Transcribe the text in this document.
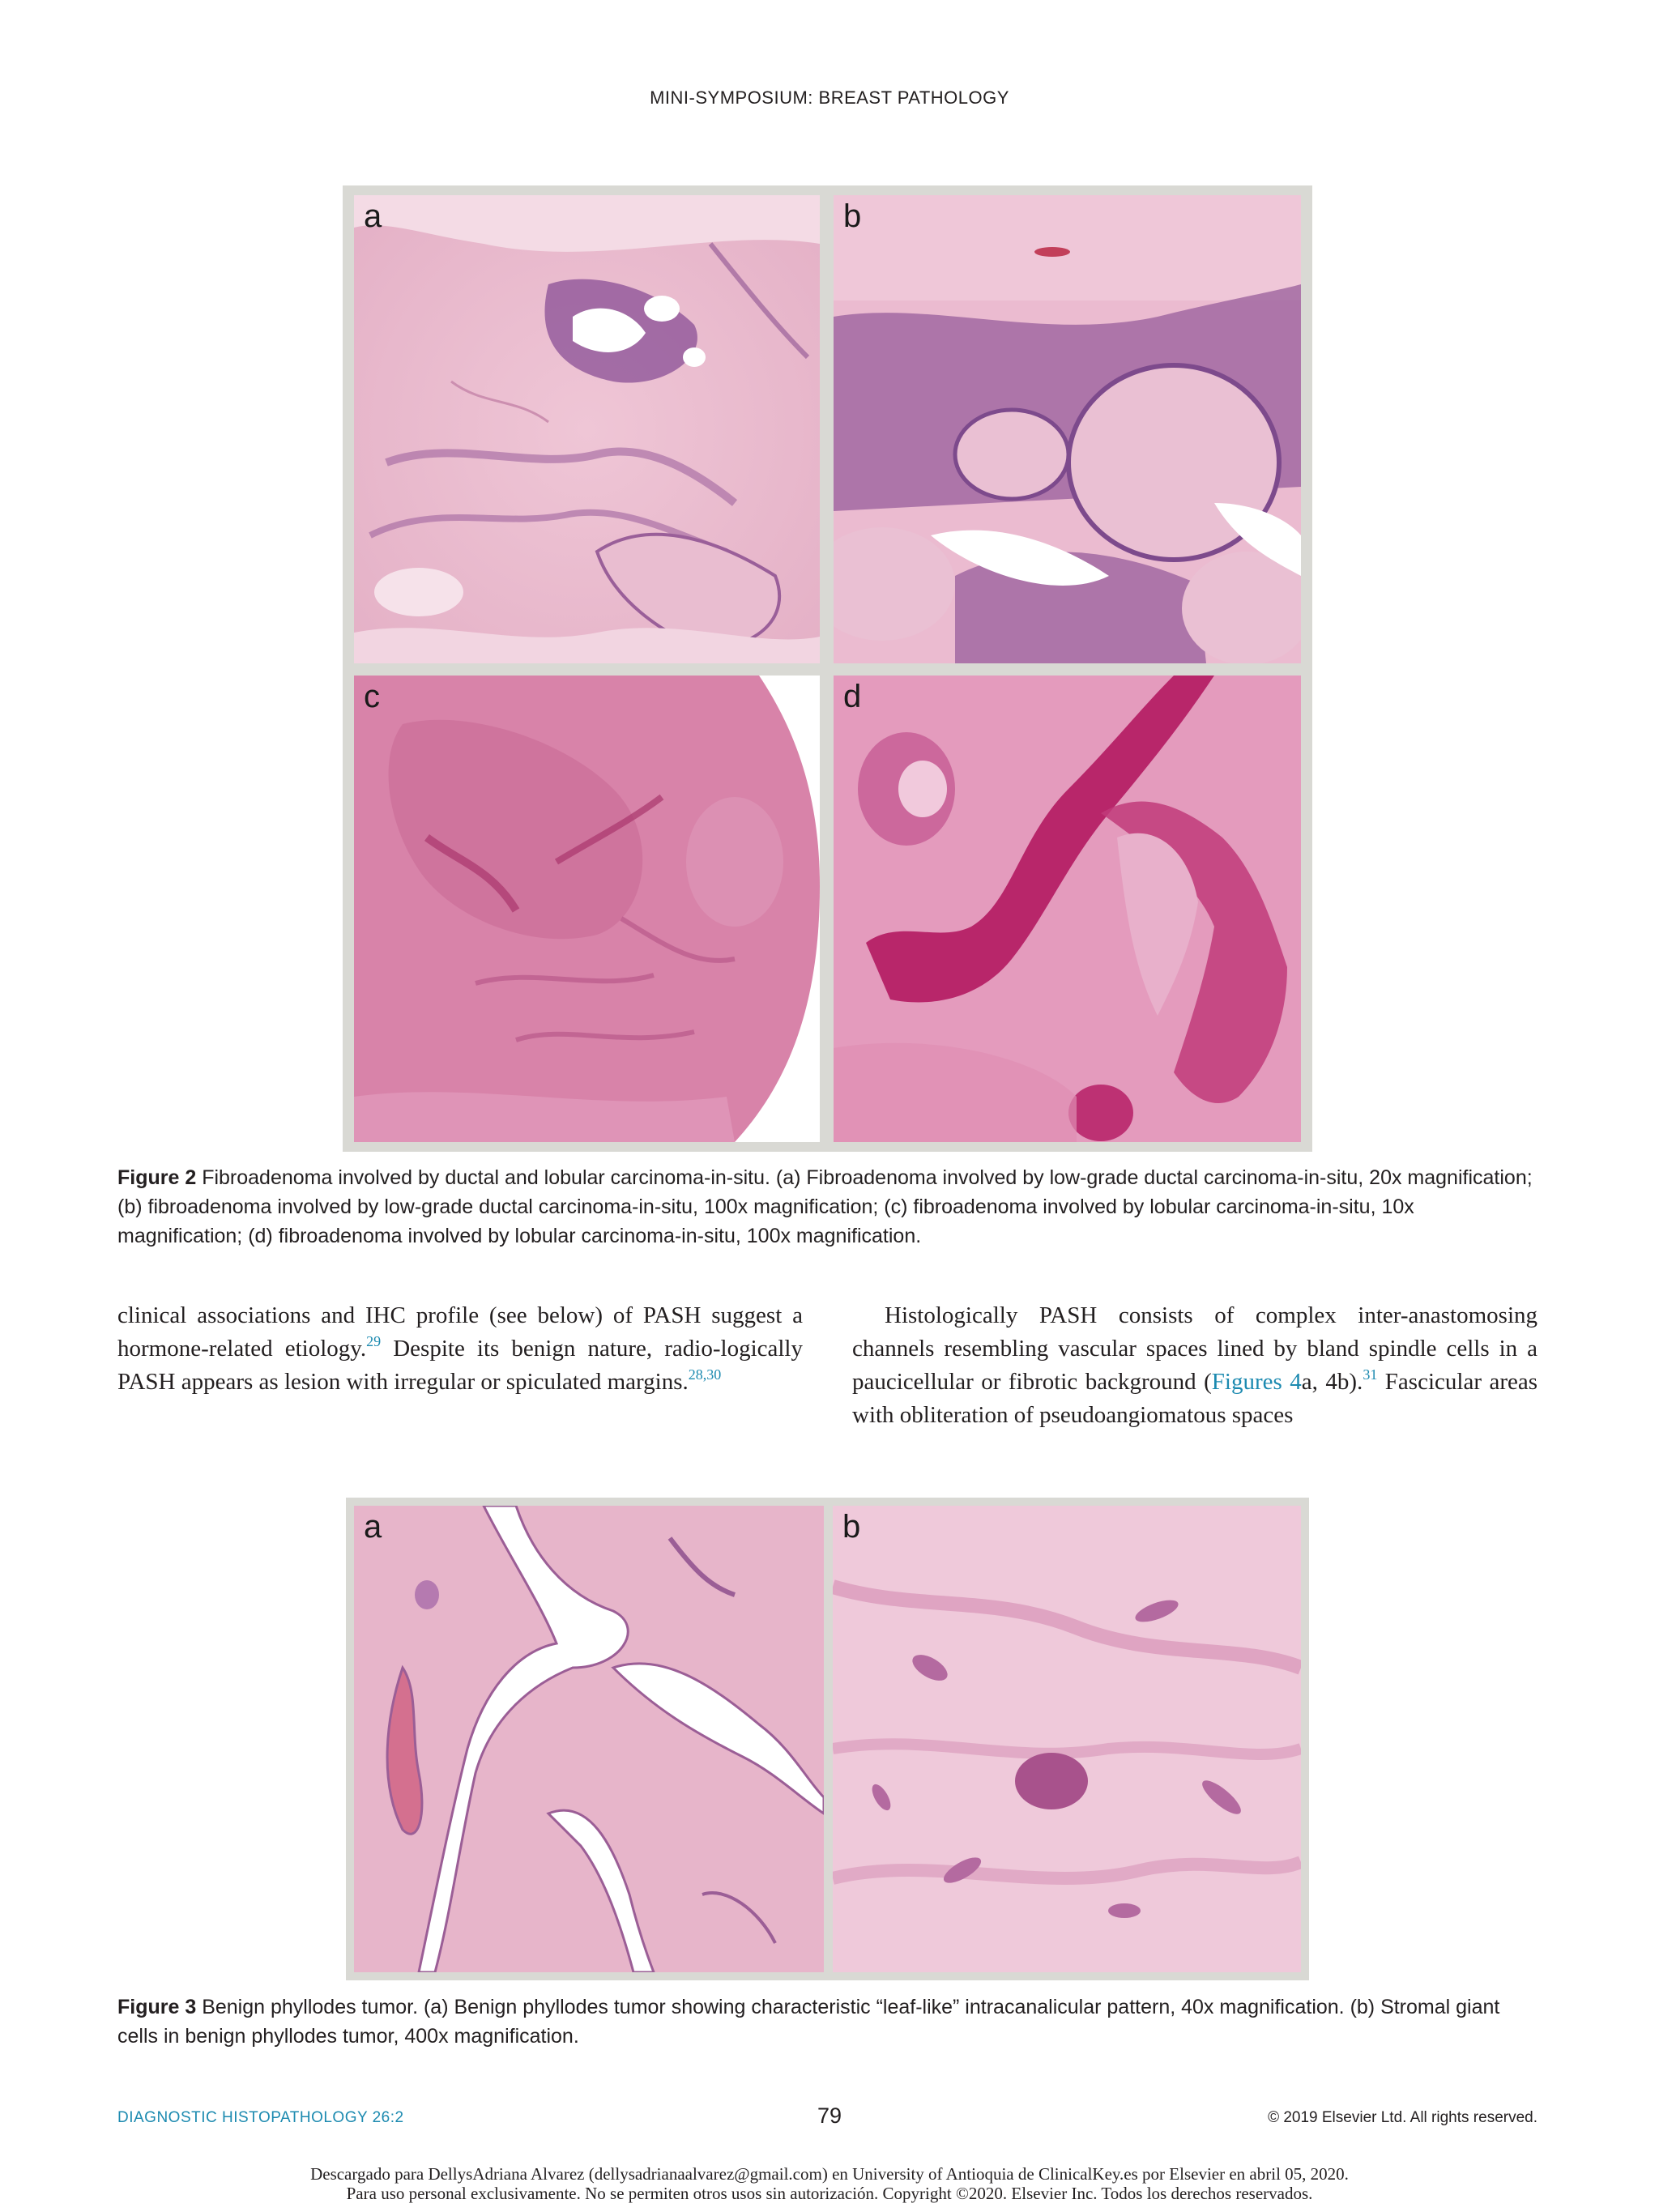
MINI-SYMPOSIUM: BREAST PATHOLOGY
a	b
c	d
Figure 2 Fibroadenoma involved by ductal and lobular carcinoma-in-situ. (a) Fibroadenoma involved by low-grade ductal carcinoma-in-situ, 20x magnification; (b) fibroadenoma involved by low-grade ductal carcinoma-in-situ, 100x magnification; (c) fibroadenoma involved by lobular carcinoma-in-situ, 10x magnification; (d) fibroadenoma involved by lobular carcinoma-in-situ, 100x magnification.
clinical associations and IHC profile (see below) of PASH suggest a hormone-related etiology.$^{29}$ Despite its benign nature, radio-logically PASH appears as lesion with irregular or spiculated margins.$^{28,30}$
Histologically PASH consists of complex inter-anastomosing channels resembling vascular spaces lined by bland spindle cells in a paucicellular or fibrotic background (Figures 4a, 4b).$^{31}$ Fascicular areas with obliteration of pseudoangiomatous spaces
a	b
Figure 3 Benign phyllodes tumor. (a) Benign phyllodes tumor showing characteristic “leaf-like” intracanalicular pattern, 40x magnification. (b) Stromal giant cells in benign phyllodes tumor, 400x magnification.
DIAGNOSTIC HISTOPATHOLOGY 26:2	79	© 2019 Elsevier Ltd. All rights reserved.
Descargado para DellysAdriana Alvarez (dellysadrianaalvarez@gmail.com) en University of Antioquia de ClinicalKey.es por Elsevier en abril 05, 2020.
Para uso personal exclusivamente. No se permiten otros usos sin autorización. Copyright ©2020. Elsevier Inc. Todos los derechos reservados.
